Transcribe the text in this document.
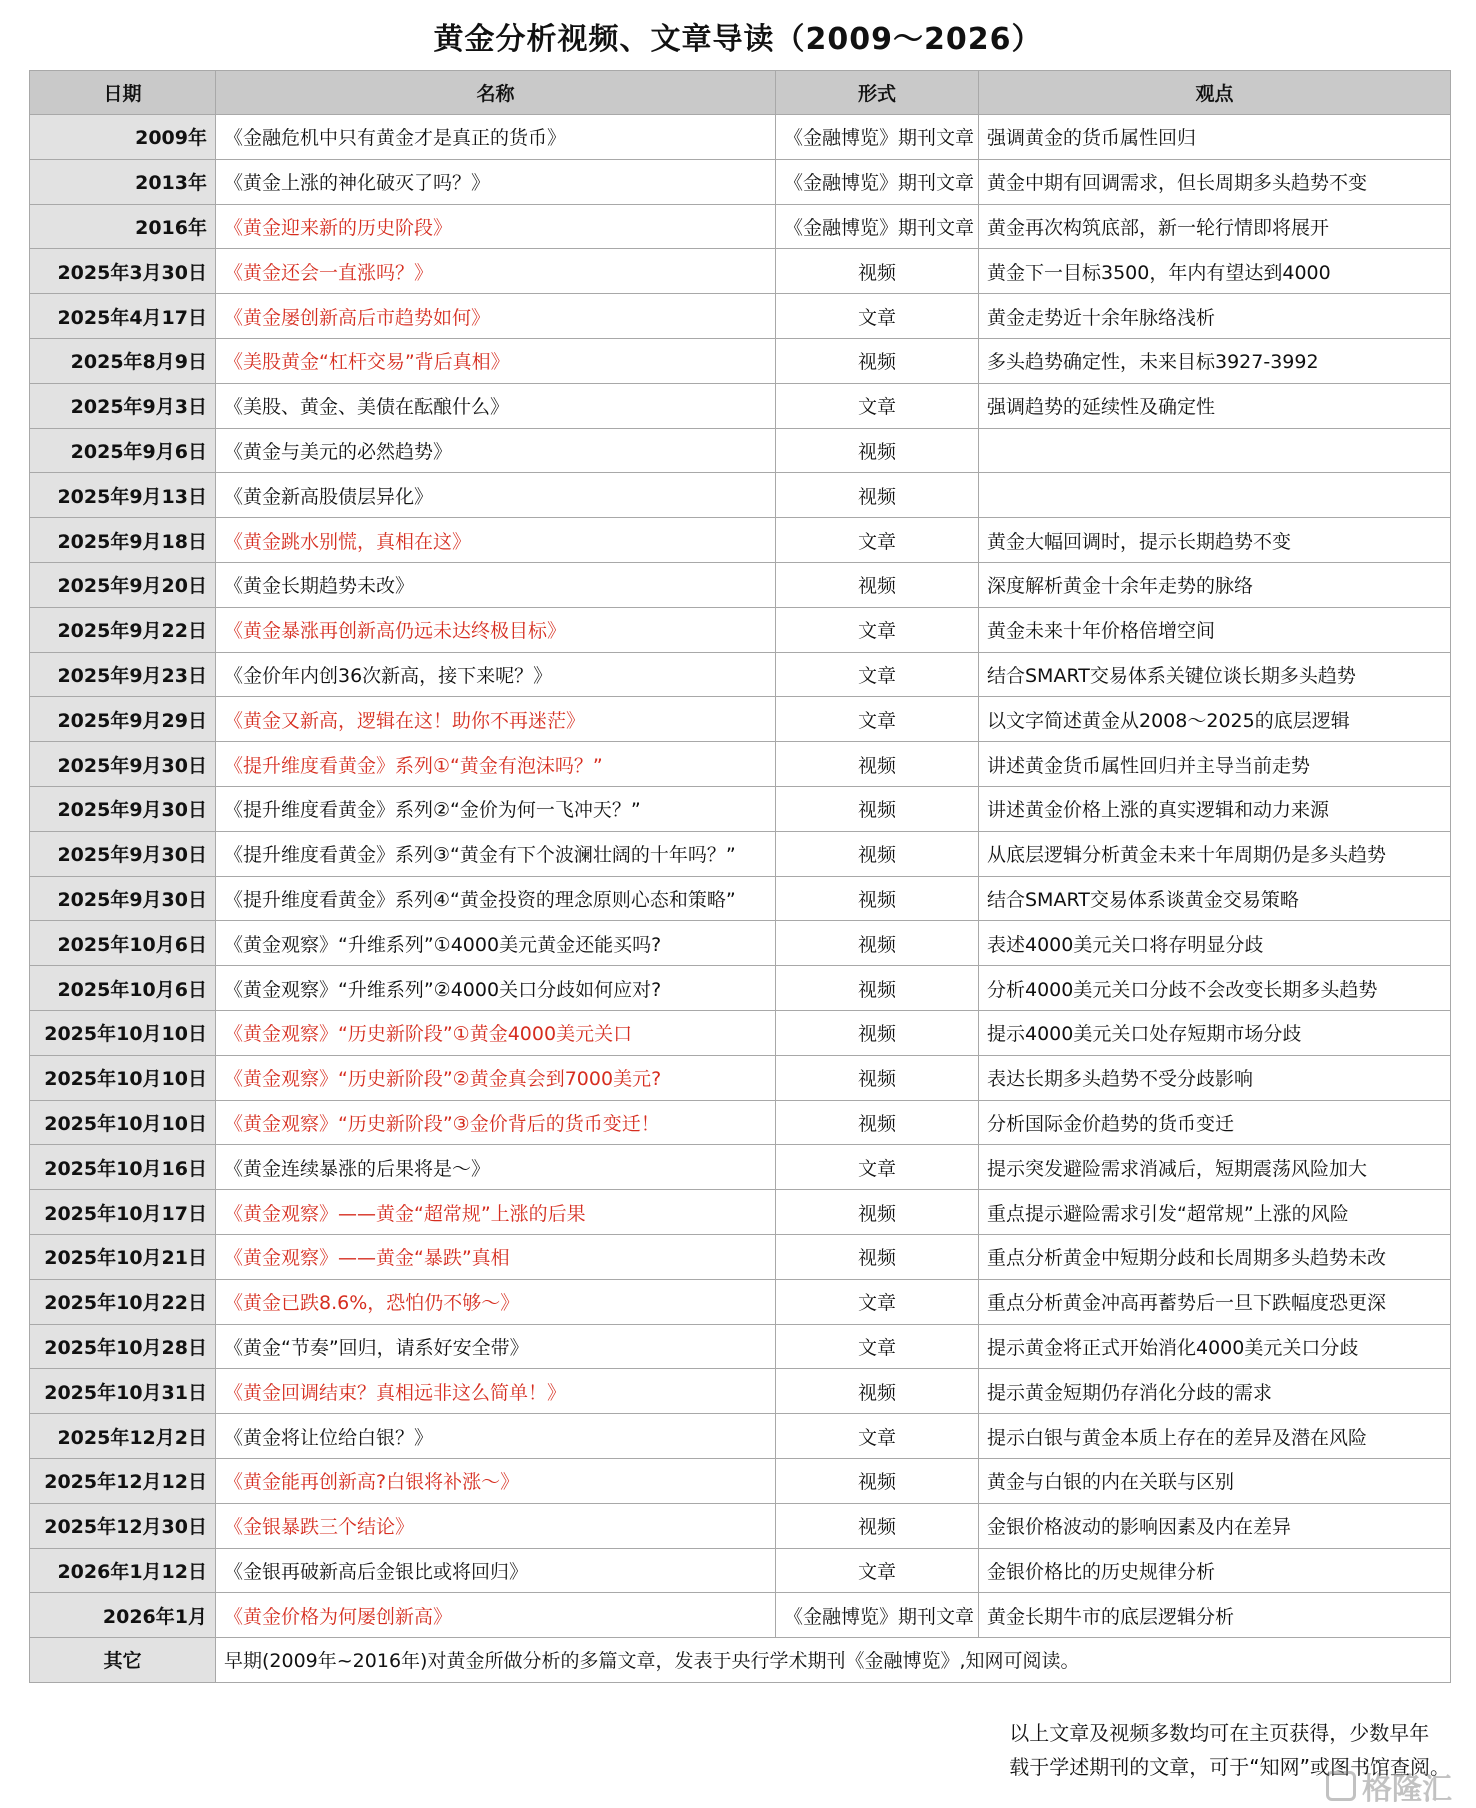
黄金分析视频、文章导读（2009～2026）
日期	名称	形式	观点
2009年	《金融危机中只有黄金才是真正的货币》	《金融博览》期刊文章	强调黄金的货币属性回归
2013年	《黄金上涨的神化破灭了吗？》	《金融博览》期刊文章	黄金中期有回调需求，但长周期多头趋势不变
2016年	《黄金迎来新的历史阶段》	《金融博览》期刊文章	黄金再次构筑底部，新一轮行情即将展开
2025年3月30日	《黄金还会一直涨吗？》	视频	黄金下一目标3500，年内有望达到4000
2025年4月17日	《黄金屡创新高后市趋势如何》	文章	黄金走势近十余年脉络浅析
2025年8月9日	《美股黄金“杠杆交易”背后真相》	视频	多头趋势确定性，未来目标3927-3992
2025年9月3日	《美股、黄金、美债在酝酿什么》	文章	强调趋势的延续性及确定性
2025年9月6日	《黄金与美元的必然趋势》	视频	
2025年9月13日	《黄金新高股债层异化》	视频	
2025年9月18日	《黄金跳水别慌，真相在这》	文章	黄金大幅回调时，提示长期趋势不变
2025年9月20日	《黄金长期趋势未改》	视频	深度解析黄金十余年走势的脉络
2025年9月22日	《黄金暴涨再创新高仍远未达终极目标》	文章	黄金未来十年价格倍增空间
2025年9月23日	《金价年内创36次新高，接下来呢？》	文章	结合SMART交易体系关键位谈长期多头趋势
2025年9月29日	《黄金又新高，逻辑在这！助你不再迷茫》	文章	以文字简述黄金从2008～2025的底层逻辑
2025年9月30日	《提升维度看黄金》系列①“黄金有泡沫吗？”	视频	讲述黄金货币属性回归并主导当前走势
2025年9月30日	《提升维度看黄金》系列②“金价为何一飞冲天？”	视频	讲述黄金价格上涨的真实逻辑和动力来源
2025年9月30日	《提升维度看黄金》系列③“黄金有下个波澜壮阔的十年吗？”	视频	从底层逻辑分析黄金未来十年周期仍是多头趋势
2025年9月30日	《提升维度看黄金》系列④“黄金投资的理念原则心态和策略”	视频	结合SMART交易体系谈黄金交易策略
2025年10月6日	《黄金观察》“升维系列”①4000美元黄金还能买吗?	视频	表述4000美元关口将存明显分歧
2025年10月6日	《黄金观察》“升维系列”②4000关口分歧如何应对?	视频	分析4000美元关口分歧不会改变长期多头趋势
2025年10月10日	《黄金观察》“历史新阶段”①黄金4000美元关口	视频	提示4000美元关口处存短期市场分歧
2025年10月10日	《黄金观察》“历史新阶段”②黄金真会到7000美元?	视频	表达长期多头趋势不受分歧影响
2025年10月10日	《黄金观察》“历史新阶段”③金价背后的货币变迁！	视频	分析国际金价趋势的货币变迁
2025年10月16日	《黄金连续暴涨的后果将是～》	文章	提示突发避险需求消减后，短期震荡风险加大
2025年10月17日	《黄金观察》——黄金“超常规”上涨的后果	视频	重点提示避险需求引发“超常规”上涨的风险
2025年10月21日	《黄金观察》——黄金“暴跌”真相	视频	重点分析黄金中短期分歧和长周期多头趋势未改
2025年10月22日	《黄金已跌8.6%，恐怕仍不够～》	文章	重点分析黄金冲高再蓄势后一旦下跌幅度恐更深
2025年10月28日	《黄金“节奏”回归，请系好安全带》	文章	提示黄金将正式开始消化4000美元关口分歧
2025年10月31日	《黄金回调结束？真相远非这么简单！》	视频	提示黄金短期仍存消化分歧的需求
2025年12月2日	《黄金将让位给白银？》	文章	提示白银与黄金本质上存在的差异及潜在风险
2025年12月12日	《黄金能再创新高?白银将补涨～》	视频	黄金与白银的内在关联与区别
2025年12月30日	《金银暴跌三个结论》	视频	金银价格波动的影响因素及内在差异
2026年1月12日	《金银再破新高后金银比或将回归》	文章	金银价格比的历史规律分析
2026年1月	《黄金价格为何屡创新高》	《金融博览》期刊文章	黄金长期牛市的底层逻辑分析
其它	早期(2009年~2016年)对黄金所做分析的多篇文章，发表于央行学术期刊《金融博览》,知网可阅读。		
以上文章及视频多数均可在主页获得，少数早年
载于学述期刊的文章，可于“知网”或图书馆查阅。
格隆汇
